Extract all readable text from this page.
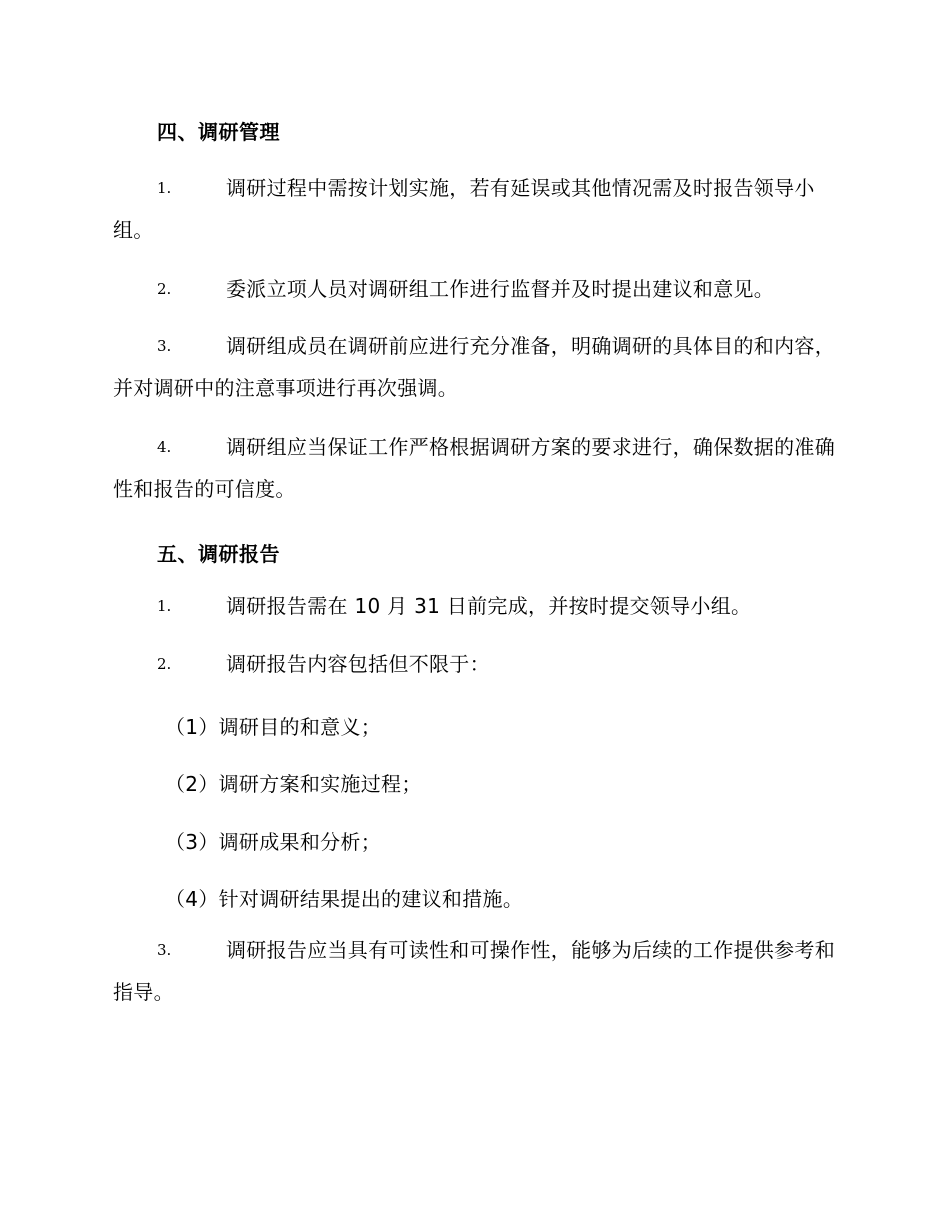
四、调研管理
调研过程中需按计划实施，若有延误或其他情况需及时报告领导小组。
1.
委派立项人员对调研组工作进行监督并及时提出建议和意见。
2.
调研组成员在调研前应进行充分准备，明确调研的具体目的和内容，并对调研中的注意事项进行再次强调。
3.
调研组应当保证工作严格根据调研方案的要求进行，确保数据的准确性和报告的可信度。
4.
五、调研报告
调研报告需在 10 月 31 日前完成，并按时提交领导小组。
1.
调研报告内容包括但不限于：
2.
（1）调研目的和意义；
（2）调研方案和实施过程；
（3）调研成果和分析；
（4）针对调研结果提出的建议和措施。
调研报告应当具有可读性和可操作性，能够为后续的工作提供参考和指导。
3.
